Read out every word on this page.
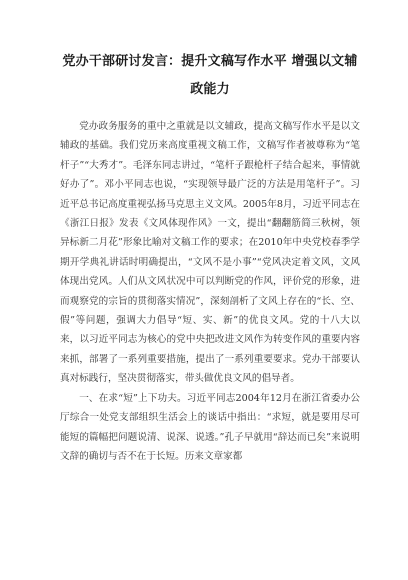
党办干部研讨发言：提升文稿写作水平 增强以文辅政能力

党办政务服务的重中之重就是以文辅政，提高文稿写作水平是以文辅政的基础。我们党历来高度重视文稿工作，文稿写作者被尊称为“笔杆子”“大秀才”。毛泽东同志讲过，“笔杆子跟枪杆子结合起来，事情就好办了”。邓小平同志也说，“实现领导最广泛的方法是用笔杆子”。习近平总书记高度重视弘扬马克思主义文风。2005年8月，习近平同志在《浙江日报》发表《文风体现作风》一文，提出“翻翻筋简三秋树，领异标新二月花”形象比喻对文稿工作的要求；在2010年中央党校春季学期开学典礼讲话时明确提出，“文风不是小事”“党风决定着文风，文风体现出党风。人们从文风状况中可以判断党的作风，评价党的形象，进而观察党的宗旨的贯彻落实情况”，深刻剖析了文风上存在的“长、空、假”等问题，强调大力倡导“短、实、新”的优良文风。党的十八大以来，以习近平同志为核心的党中央把改进文风作为转变作风的重要内容来抓，部署了一系列重要措施，提出了一系列重要要求。党办干部要认真对标践行，坚决贯彻落实，带头做优良文风的倡导者。

一、在求“短”上下功夫。习近平同志2004年12月在浙江省委办公厅综合一处党支部组织生活会上的谈话中指出：“求短，就是要用尽可能短的篇幅把问题说清、说深、说透。”孔子早就用“辞达而已矣”来说明文辞的确切与否不在于长短。历来文章家都
